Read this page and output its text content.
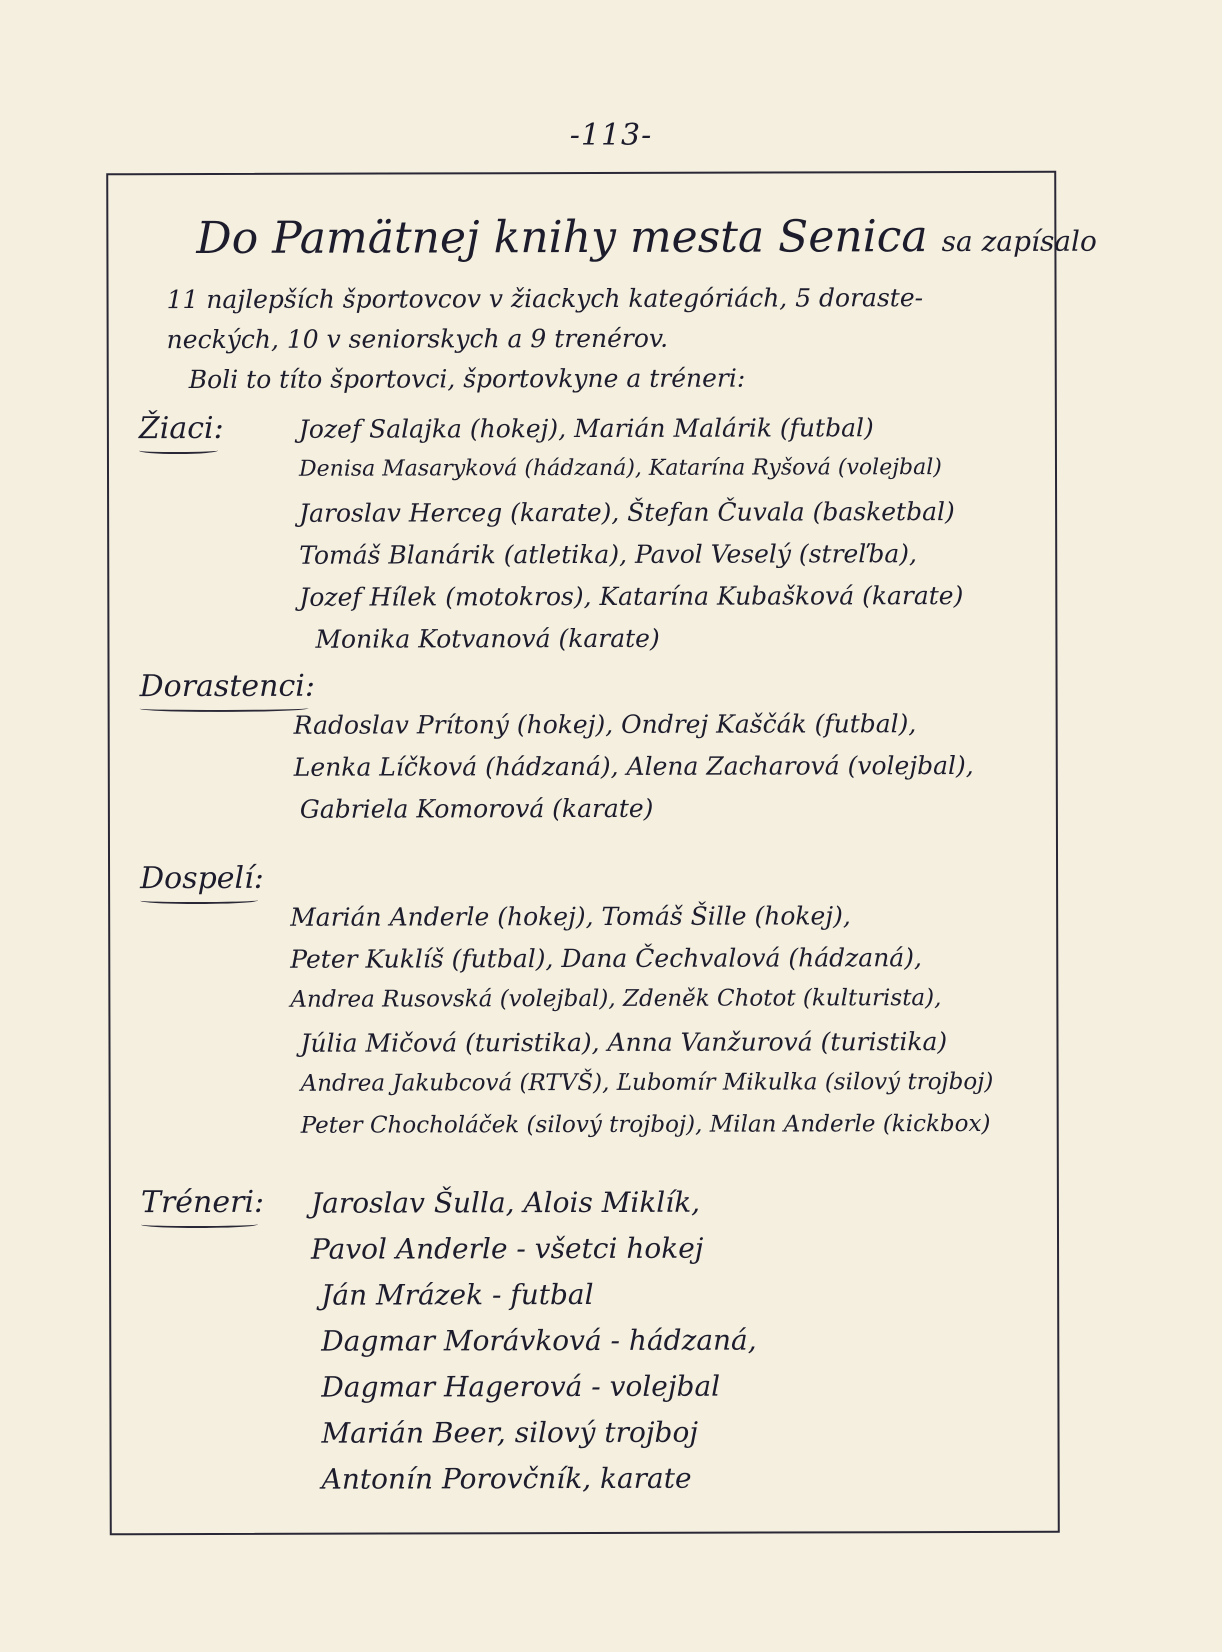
-113-
Do Pamätnej knihy mesta Senica sa zapísalo
11 najlepších športovcov v žiackych kategóriách, 5 doraste-
neckých, 10 v seniorskych a 9 trenérov.
Boli to títo športovci, športovkyne a tréneri:
Žiaci:	Jozef Salajka (hokej), Marián Malárik (futbal)
Denisa Masaryková (hádzaná), Katarína Ryšová (volejbal)
Jaroslav Herceg (karate), Štefan Čuvala (basketbal)
Tomáš Blanárik (atletika), Pavol Veselý (streľba),
Jozef Hílek (motokros), Katarína Kubašková (karate)
Monika Kotvanová (karate)
Dorastenci:
Radoslav Prítoný (hokej), Ondrej Kaščák (futbal),
Lenka Líčková (hádzaná), Alena Zacharová (volejbal),
Gabriela Komorová (karate)
Dospelí:
Marián Anderle (hokej), Tomáš Šille (hokej),
Peter Kuklíš (futbal), Dana Čechvalová (hádzaná),
Andrea Rusovská (volejbal), Zdeněk Chotot (kulturista),
Júlia Mičová (turistika), Anna Vanžurová (turistika)
Andrea Jakubcová (RTVŠ), Ľubomír Mikulka (silový trojboj)
Peter Chocholáček (silový trojboj), Milan Anderle (kickbox)
Tréneri: Jaroslav Šulla, Alois Miklík,
Pavol Anderle - všetci hokej
Ján Mrázek - futbal
Dagmar Morávková - hádzaná,
Dagmar Hagerová - volejbal
Marián Beer, silový trojboj
Antonín Porovčník, karate
